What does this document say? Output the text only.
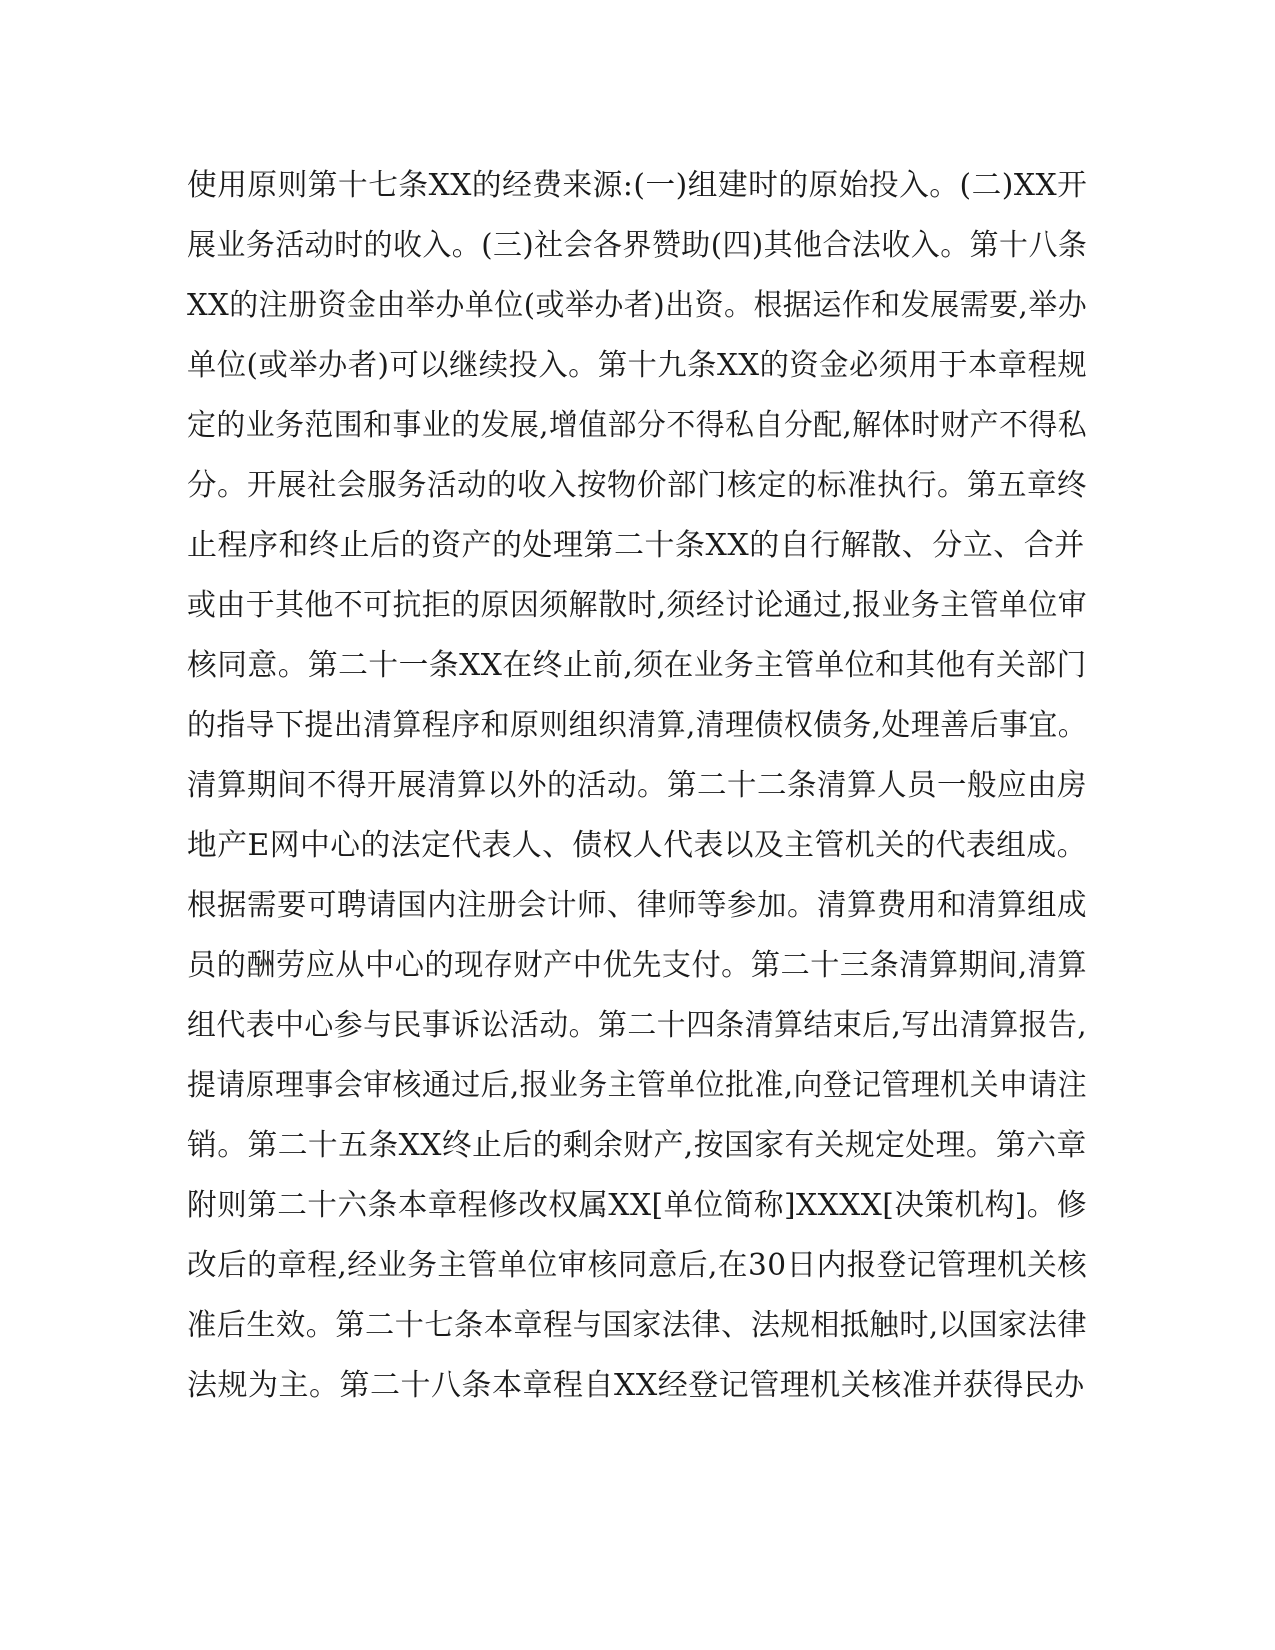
使用原则第十七条XX的经费来源:(一)组建时的原始投入。(二)XX开
展业务活动时的收入。(三)社会各界赞助(四)其他合法收入。第十八条
XX的注册资金由举办单位(或举办者)出资。根据运作和发展需要,举办
单位(或举办者)可以继续投入。第十九条XX的资金必须用于本章程规
定的业务范围和事业的发展,增值部分不得私自分配,解体时财产不得私
分。开展社会服务活动的收入按物价部门核定的标准执行。第五章终
止程序和终止后的资产的处理第二十条XX的自行解散、分立、合并
或由于其他不可抗拒的原因须解散时,须经讨论通过,报业务主管单位审
核同意。第二十一条XX在终止前,须在业务主管单位和其他有关部门
的指导下提出清算程序和原则组织清算,清理债权债务,处理善后事宜。
清算期间不得开展清算以外的活动。第二十二条清算人员一般应由房
地产E网中心的法定代表人、债权人代表以及主管机关的代表组成。
根据需要可聘请国内注册会计师、律师等参加。清算费用和清算组成
员的酬劳应从中心的现存财产中优先支付。第二十三条清算期间,清算
组代表中心参与民事诉讼活动。第二十四条清算结束后,写出清算报告,
提请原理事会审核通过后,报业务主管单位批准,向登记管理机关申请注
销。第二十五条XX终止后的剩余财产,按国家有关规定处理。第六章
附则第二十六条本章程修改权属XX[单位简称]XXXX[决策机构]。修
改后的章程,经业务主管单位审核同意后,在30日内报登记管理机关核
准后生效。第二十七条本章程与国家法律、法规相抵触时,以国家法律
法规为主。第二十八条本章程自XX经登记管理机关核准并获得民办
